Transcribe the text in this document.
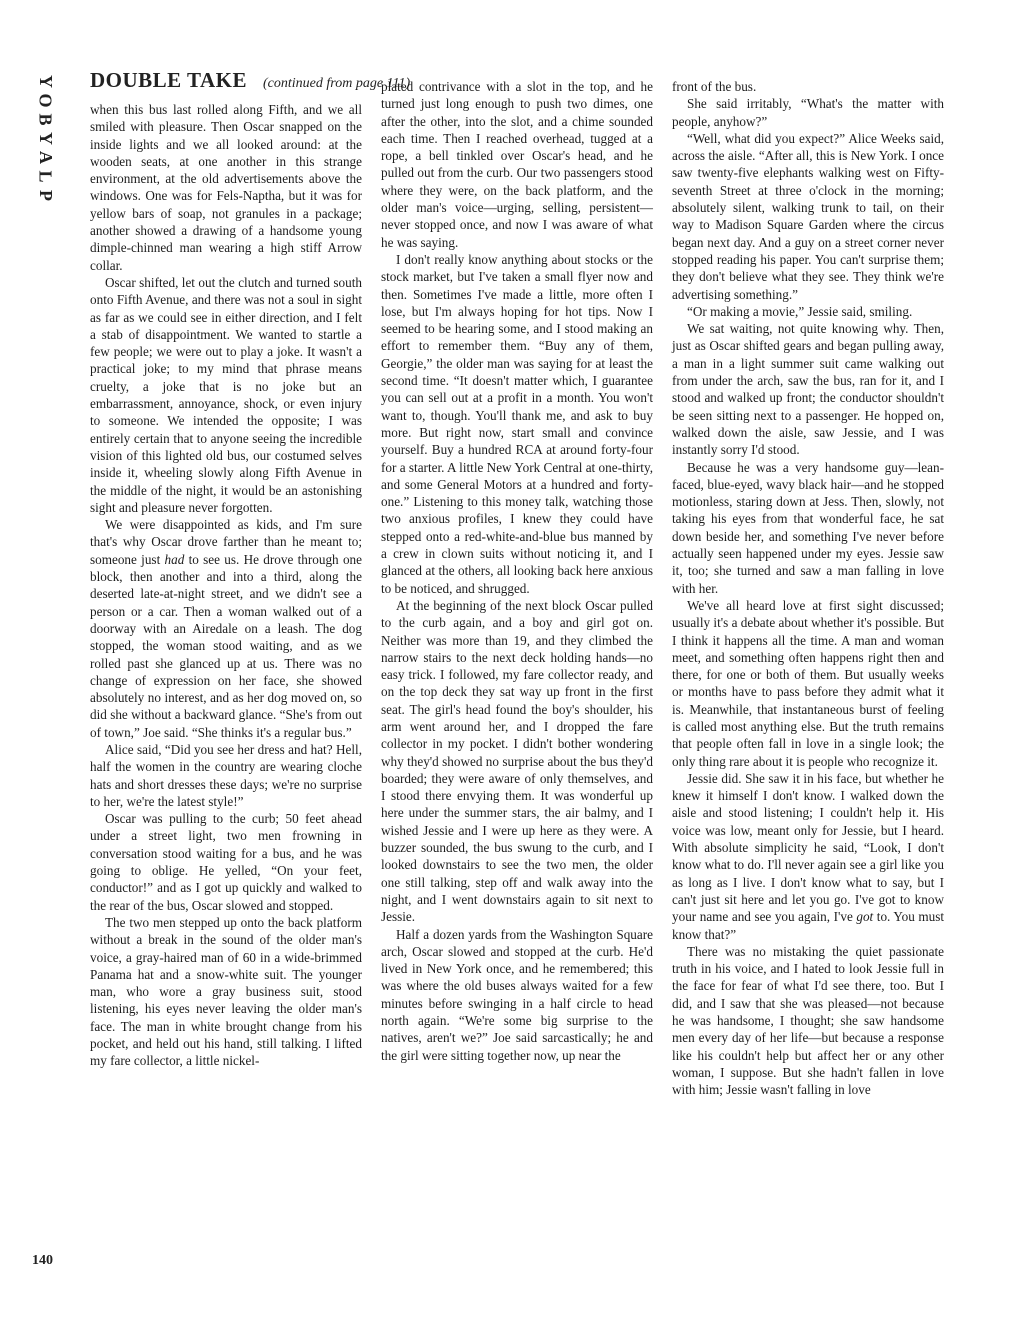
Y
O
B
Y
A
L
P
DOUBLE TAKE (continued from page 111)

when this bus last rolled along Fifth, and we all smiled with pleasure. Then Oscar snapped on the inside lights and we all looked around: at the wooden seats, at one another in this strange environment, at the old advertisements above the windows. One was for Fels-Naptha, but it was for yellow bars of soap, not granules in a package; another showed a drawing of a handsome young dimple-chinned man wearing a high stiff Arrow collar.

Oscar shifted, let out the clutch and turned south onto Fifth Avenue, and there was not a soul in sight as far as we could see in either direction, and I felt a stab of disappointment. We wanted to startle a few people; we were out to play a joke. It wasn't a practical joke; to my mind that phrase means cruelty, a joke that is no joke but an embarrassment, annoyance, shock, or even injury to someone. We intended the opposite; I was entirely certain that to anyone seeing the incredible vision of this lighted old bus, our costumed selves inside it, wheeling slowly along Fifth Avenue in the middle of the night, it would be an astonishing sight and pleasure never forgotten.

We were disappointed as kids, and I'm sure that's why Oscar drove farther than he meant to; someone just had to see us. He drove through one block, then another and into a third, along the deserted late-at-night street, and we didn't see a person or a car. Then a woman walked out of a doorway with an Airedale on a leash. The dog stopped, the woman stood waiting, and as we rolled past she glanced up at us. There was no change of expression on her face, she showed absolutely no interest, and as her dog moved on, so did she without a backward glance. “She's from out of town,” Joe said. “She thinks it's a regular bus.”

Alice said, “Did you see her dress and hat? Hell, half the women in the country are wearing cloche hats and short dresses these days; we're no surprise to her, we're the latest style!”

Oscar was pulling to the curb; 50 feet ahead under a street light, two men frowning in conversation stood waiting for a bus, and he was going to oblige. He yelled, “On your feet, conductor!” and as I got up quickly and walked to the rear of the bus, Oscar slowed and stopped.

The two men stepped up onto the back platform without a break in the sound of the older man's voice, a gray-haired man of 60 in a wide-brimmed Panama hat and a snow-white suit. The younger man, who wore a gray business suit, stood listening, his eyes never leaving the older man's face. The man in white brought change from his pocket, and held out his hand, still talking. I lifted my fare collector, a little nickel-

plated contrivance with a slot in the top, and he turned just long enough to push two dimes, one after the other, into the slot, and a chime sounded each time. Then I reached overhead, tugged at a rope, a bell tinkled over Oscar's head, and he pulled out from the curb. Our two passengers stood where they were, on the back platform, and the older man's voice—urging, selling, persistent—never stopped once, and now I was aware of what he was saying.

I don't really know anything about stocks or the stock market, but I've taken a small flyer now and then. Sometimes I've made a little, more often I lose, but I'm always hoping for hot tips. Now I seemed to be hearing some, and I stood making an effort to remember them. “Buy any of them, Georgie,” the older man was saying for at least the second time. “It doesn't matter which, I guarantee you can sell out at a profit in a month. You won't want to, though. You'll thank me, and ask to buy more. But right now, start small and convince yourself. Buy a hundred RCA at around forty-four for a starter. A little New York Central at one-thirty, and some General Motors at a hundred and forty-one.” Listening to this money talk, watching those two anxious profiles, I knew they could have stepped onto a red-white-and-blue bus manned by a crew in clown suits without noticing it, and I glanced at the others, all looking back here anxious to be noticed, and shrugged.

At the beginning of the next block Oscar pulled to the curb again, and a boy and girl got on. Neither was more than 19, and they climbed the narrow stairs to the next deck holding hands—no easy trick. I followed, my fare collector ready, and on the top deck they sat way up front in the first seat. The girl's head found the boy's shoulder, his arm went around her, and I dropped the fare collector in my pocket. I didn't bother wondering why they'd showed no surprise about the bus they'd boarded; they were aware of only themselves, and I stood there envying them. It was wonderful up here under the summer stars, the air balmy, and I wished Jessie and I were up here as they were. A buzzer sounded, the bus swung to the curb, and I looked downstairs to see the two men, the older one still talking, step off and walk away into the night, and I went downstairs again to sit next to Jessie.

Half a dozen yards from the Washington Square arch, Oscar slowed and stopped at the curb. He'd lived in New York once, and he remembered; this was where the old buses always waited for a few minutes before swinging in a half circle to head north again. “We're some big surprise to the natives, aren't we?” Joe said sarcastically; he and the girl were sitting together now, up near the

front of the bus.

She said irritably, “What's the matter with people, anyhow?”

“Well, what did you expect?” Alice Weeks said, across the aisle. “After all, this is New York. I once saw twenty-five elephants walking west on Fifty-seventh Street at three o'clock in the morning; absolutely silent, walking trunk to tail, on their way to Madison Square Garden where the circus began next day. And a guy on a street corner never stopped reading his paper. You can't surprise them; they don't believe what they see. They think we're advertising something.”

“Or making a movie,” Jessie said, smiling.

We sat waiting, not quite knowing why. Then, just as Oscar shifted gears and began pulling away, a man in a light summer suit came walking out from under the arch, saw the bus, ran for it, and I stood and walked up front; the conductor shouldn't be seen sitting next to a passenger. He hopped on, walked down the aisle, saw Jessie, and I was instantly sorry I'd stood.

Because he was a very handsome guy—lean-faced, blue-eyed, wavy black hair—and he stopped motionless, staring down at Jess. Then, slowly, not taking his eyes from that wonderful face, he sat down beside her, and something I've never before actually seen happened under my eyes. Jessie saw it, too; she turned and saw a man falling in love with her.

We've all heard love at first sight discussed; usually it's a debate about whether it's possible. But I think it happens all the time. A man and woman meet, and something often happens right then and there, for one or both of them. But usually weeks or months have to pass before they admit what it is. Meanwhile, that instantaneous burst of feeling is called most anything else. But the truth remains that people often fall in love in a single look; the only thing rare about it is people who recognize it.

Jessie did. She saw it in his face, but whether he knew it himself I don't know. I walked down the aisle and stood listening; I couldn't help it. His voice was low, meant only for Jessie, but I heard. With absolute simplicity he said, “Look, I don't know what to do. I'll never again see a girl like you as long as I live. I don't know what to say, but I can't just sit here and let you go. I've got to know your name and see you again, I've got to. You must know that?”

There was no mistaking the quiet passionate truth in his voice, and I hated to look Jessie full in the face for fear of what I'd see there, too. But I did, and I saw that she was pleased—not because he was handsome, I thought; she saw handsome men every day of her life—but because a response like his couldn't help but affect her or any other woman, I suppose. But she hadn't fallen in love with him; Jessie wasn't falling in love

140
